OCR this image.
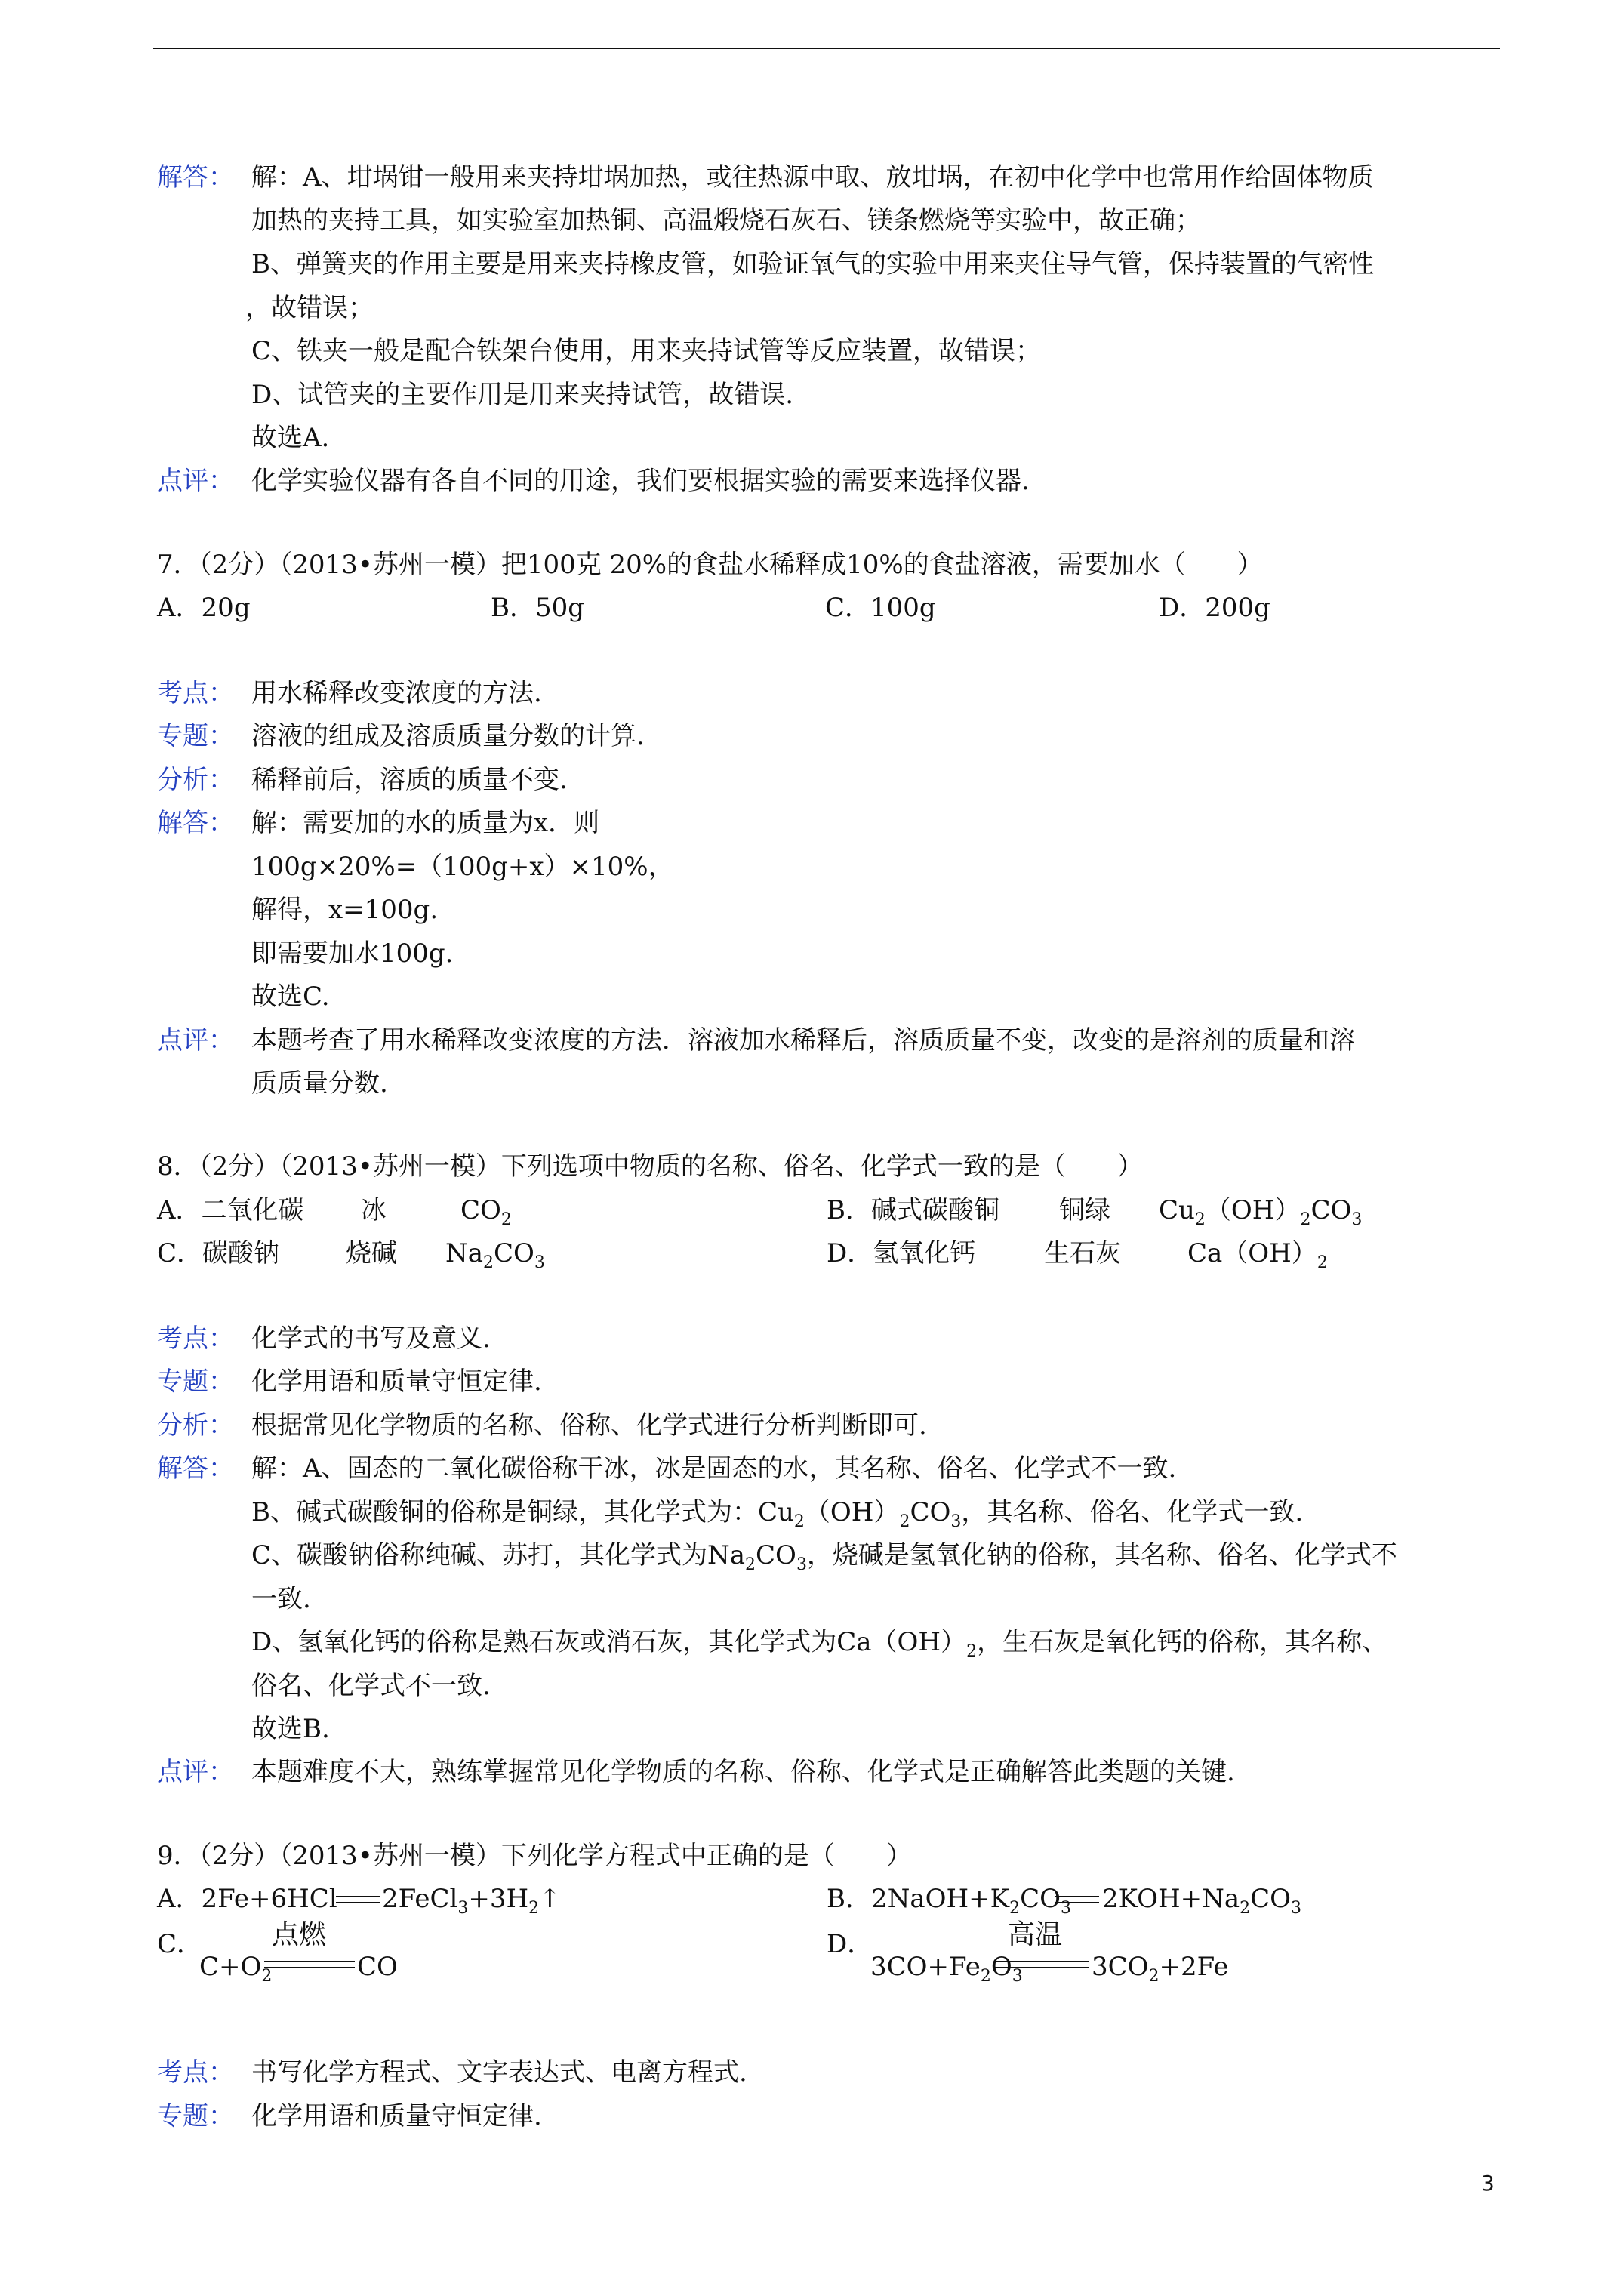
解答： 解：A、坩埚钳一般用来夹持坩埚加热，或往热源中取、放坩埚，在初中化学中也常用作给固体物质
加热的夹持工具，如实验室加热铜、高温煅烧石灰石、镁条燃烧等实验中，故正确；
B、弹簧夹的作用主要是用来夹持橡皮管，如验证氧气的实验中用来夹住导气管，保持装置的气密性
，故错误；
C、铁夹一般是配合铁架台使用，用来夹持试管等反应装置，故错误；
D、试管夹的主要作用是用来夹持试管，故错误.
故选A.
点评： 化学实验仪器有各自不同的用途，我们要根据实验的需要来选择仪器.
7．（2分）（2013•苏州一模）把100克 20%的食盐水稀释成10%的食盐溶液，需要加水（　　）
A．20g	B．50g	C．100g	D．200g
考点： 用水稀释改变浓度的方法.
专题： 溶液的组成及溶质质量分数的计算.
分析： 稀释前后，溶质的质量不变.
解答： 解：需要加的水的质量为x．则
100g×20%=（100g+x）×10%，
解得，x=100g.
即需要加水100g.
故选C.
点评： 本题考查了用水稀释改变浓度的方法．溶液加水稀释后，溶质质量不变，改变的是溶剂的质量和溶
质质量分数.
8．（2分）（2013•苏州一模）下列选项中物质的名称、俗名、化学式一致的是（　　）
A．二氧化碳 冰	$CO_2$	B．碱式碳酸铜 铜绿 $Cu_2(OH)_2CO_3$
C．碳酸钠	烧碱 $Na_2CO_3$	D．氢氧化钙	生石灰	$Ca(OH)_2$
考点： 化学式的书写及意义.
专题： 化学用语和质量守恒定律.
分析： 根据常见化学物质的名称、俗称、化学式进行分析判断即可.
解答： 解：A、固态的二氧化碳俗称干冰，冰是固态的水，其名称、俗名、化学式不一致.
B、碱式碳酸铜的俗称是铜绿，其化学式为：$Cu_2(OH)_2CO_3$，其名称、俗名、化学式一致.
C、碳酸钠俗称纯碱、苏打，其化学式为$Na_2CO_3$，烧碱是氢氧化钠的俗称，其名称、俗名、化学式不
一致.
D、氢氧化钙的俗称是熟石灰或消石灰，其化学式为$Ca(OH)_2$，生石灰是氧化钙的俗称，其名称、
俗名、化学式不一致.
故选B.
点评： 本题难度不大，熟练掌握常见化学物质的名称、俗称、化学式是正确解答此类题的关键.
9．（2分）（2013•苏州一模）下列化学方程式中正确的是（　　）
A．2Fe+6HCl $2FeCl_3+3H_2↑$	B．$2NaOH+K_2CO_3$ $2KOH+Na_2CO_3$
C．	点燃
$C+O_2$	CO
D．	高温
$3CO+Fe_2O_3$	$3CO_2+2Fe$
考点： 书写化学方程式、文字表达式、电离方程式.
专题： 化学用语和质量守恒定律.
3
